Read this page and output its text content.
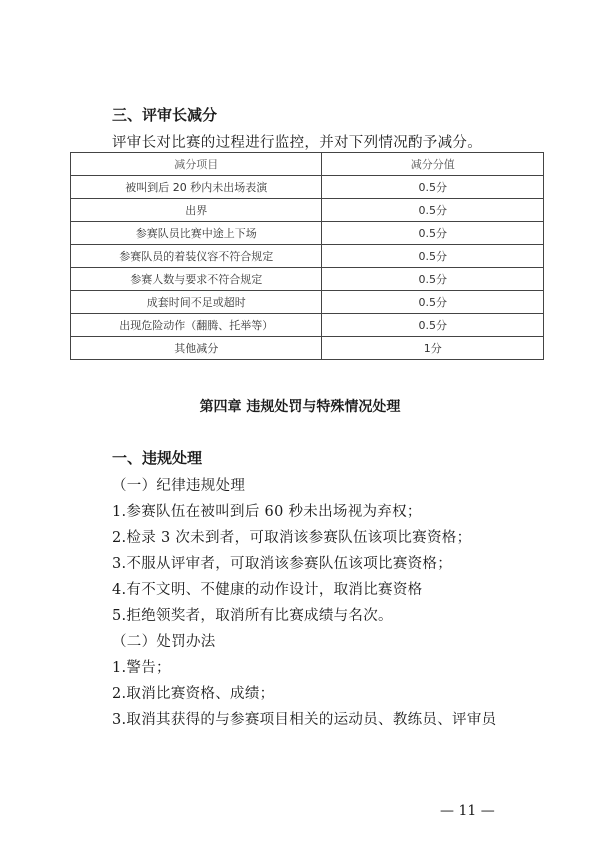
三、评审长减分
评审长对比赛的过程进行监控，并对下列情况酌予减分。
减分项目	减分分值
被叫到后 20 秒内未出场表演	0.5分
出界	0.5分
参赛队员比赛中途上下场	0.5分
参赛队员的着装仪容不符合规定	0.5分
参赛人数与要求不符合规定	0.5分
成套时间不足或超时	0.5分
出现危险动作（翻腾、托举等）	0.5分
其他减分	1分
第四章 违规处罚与特殊情况处理
一、违规处理
（一）纪律违规处理
1.参赛队伍在被叫到后 60 秒未出场视为弃权；
2.检录 3 次未到者，可取消该参赛队伍该项比赛资格；
3.不服从评审者，可取消该参赛队伍该项比赛资格；
4.有不文明、不健康的动作设计，取消比赛资格
5.拒绝领奖者，取消所有比赛成绩与名次。
（二）处罚办法
1.警告；
2.取消比赛资格、成绩；
3.取消其获得的与参赛项目相关的运动员、教练员、评审员
— 11 —
